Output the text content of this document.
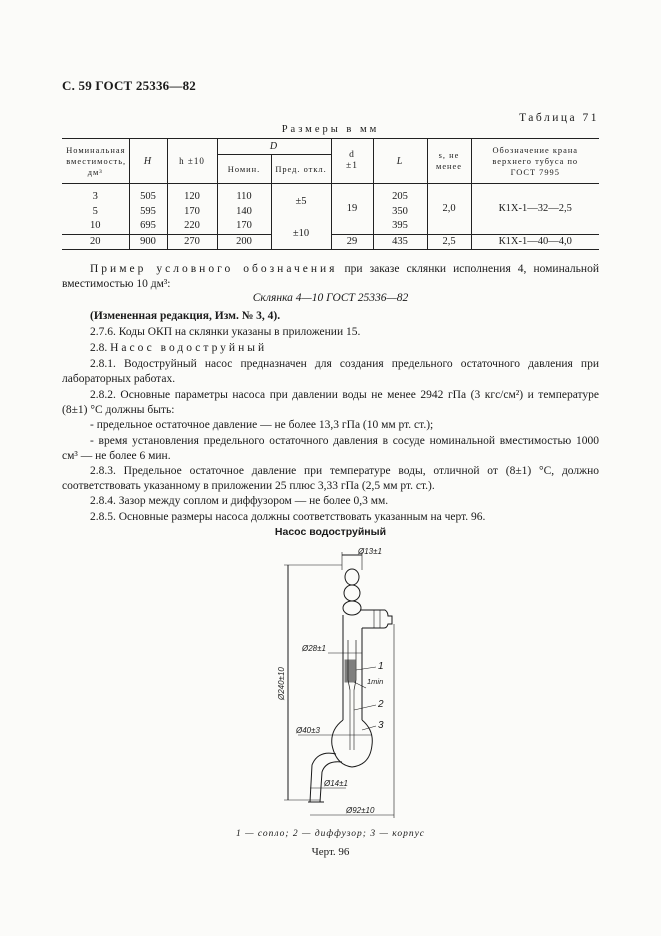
С. 59 ГОСТ 25336—82
Таблица 71
Размеры в мм
Номинальная вместимость, дм³	H	h ±10	D		d ±1	L	s, не менее	Обозначение крана верхнего тубуса по ГОСТ 7995

			Номин.	Пред. откл.				
3	505	120	110	±5	19	205	2,0	К1Х-1—32—2,5
5	595	170	140			350		
10	695	220	170	±10		395		
20	900	270	200		29	435	2,5	К1Х-1—40—4,0
Пример условного обозначения при заказе склянки исполнения 4, номинальной вместимостью 10 дм³:
Склянка 4—10 ГОСТ 25336—82
(Измененная редакция, Изм. № 3, 4).
2.7.6. Коды ОКП на склянки указаны в приложении 15.
2.8. Насос водоструйный
2.8.1. Водоструйный насос предназначен для создания предельного остаточного давления при лабораторных работах.
2.8.2. Основные параметры насоса при давлении воды не менее 2942 гПа (3 кгс/см²) и температуре (8±1) °С должны быть:
- предельное остаточное давление — не более 13,3 гПа (10 мм рт. ст.);
- время установления предельного остаточного давления в сосуде номинальной вместимостью 1000 см³ — не более 6 мин.
2.8.3. Предельное остаточное давление при температуре воды, отличной от (8±1) °С, должно соответствовать указанному в приложении 25 плюс 3,33 гПа (2,5 мм рт. ст.).
2.8.4. Зазор между соплом и диффузором — не более 0,3 мм.
2.8.5. Основные размеры насоса должны соответствовать указанным на черт. 96.
Насос водоструйный
Ø13±1
Ø240±10
Ø28±1
Ø40±3
Ø14±1
Ø92±10
1
1min
2
3
1 — сопло; 2 — диффузор; 3 — корпус
Черт. 96
